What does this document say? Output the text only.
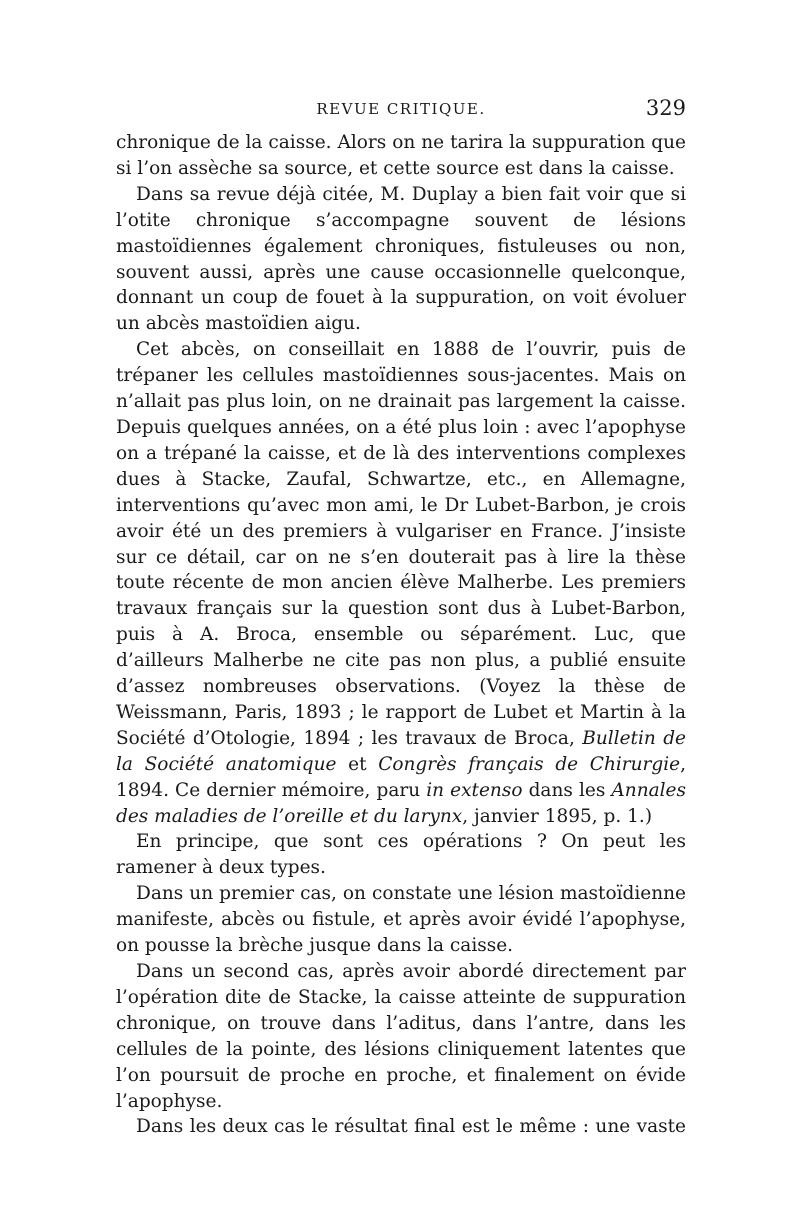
REVUE CRITIQUE.	329

chronique de la caisse. Alors on ne tarira la suppuration que si l’on assèche sa source, et cette source est dans la caisse.

Dans sa revue déjà citée, M. Duplay a bien fait voir que si l’otite chronique s’accompagne souvent de lésions mastoïdiennes également chroniques, fistuleuses ou non, souvent aussi, après une cause occasionnelle quelconque, donnant un coup de fouet à la suppuration, on voit évoluer un abcès mastoïdien aigu.

Cet abcès, on conseillait en 1888 de l’ouvrir, puis de trépaner les cellules mastoïdiennes sous-jacentes. Mais on n’allait pas plus loin, on ne drainait pas largement la caisse. Depuis quelques années, on a été plus loin : avec l’apophyse on a trépané la caisse, et de là des interventions complexes dues à Stacke, Zaufal, Schwartze, etc., en Allemagne, interventions qu’avec mon ami, le Dr Lubet-Barbon, je crois avoir été un des premiers à vulgariser en France. J’insiste sur ce détail, car on ne s’en douterait pas à lire la thèse toute récente de mon ancien élève Malherbe. Les premiers travaux français sur la question sont dus à Lubet-Barbon, puis à A. Broca, ensemble ou séparément. Luc, que d’ailleurs Malherbe ne cite pas non plus, a publié ensuite d’assez nombreuses observations. (Voyez la thèse de Weissmann, Paris, 1893 ; le rapport de Lubet et Martin à la Société d’Otologie, 1894 ; les travaux de Broca, Bulletin de la Société anatomique et Congrès français de Chirurgie, 1894. Ce dernier mémoire, paru in extenso dans les Annales des maladies de l’oreille et du larynx, janvier 1895, p. 1.)

En principe, que sont ces opérations ? On peut les ramener à deux types.

Dans un premier cas, on constate une lésion mastoïdienne manifeste, abcès ou fistule, et après avoir évidé l’apophyse, on pousse la brèche jusque dans la caisse.

Dans un second cas, après avoir abordé directement par l’opération dite de Stacke, la caisse atteinte de suppuration chronique, on trouve dans l’aditus, dans l’antre, dans les cellules de la pointe, des lésions cliniquement latentes que l’on poursuit de proche en proche, et finalement on évide l’apophyse.

Dans les deux cas le résultat final est le même : une vaste
